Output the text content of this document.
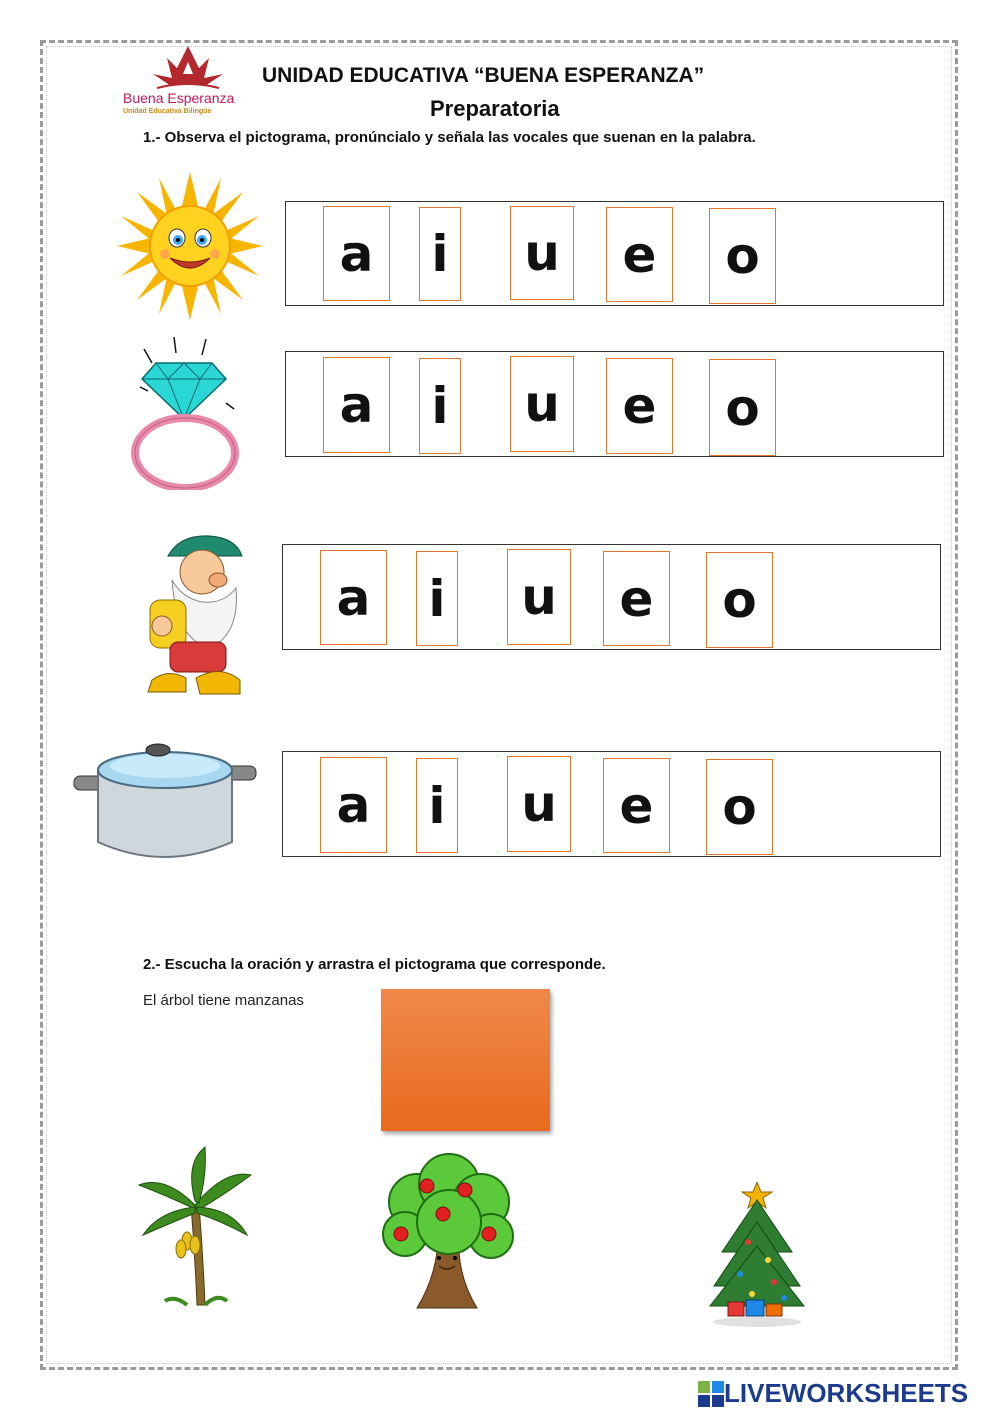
Buena Esperanza
Unidad Educativa Bilingüe
UNIDAD EDUCATIVA “BUENA ESPERANZA”
Preparatoria
1.- Observa el pictograma, pronúncialo y señala las vocales que suenan en la palabra.
a	i u	e	o
a	i u	e	o
a	i u	e	o
a	i u	e	o
2.- Escucha la oración y arrastra el pictograma que corresponde.
El árbol tiene manzanas
LIVEWORKSHEETS
